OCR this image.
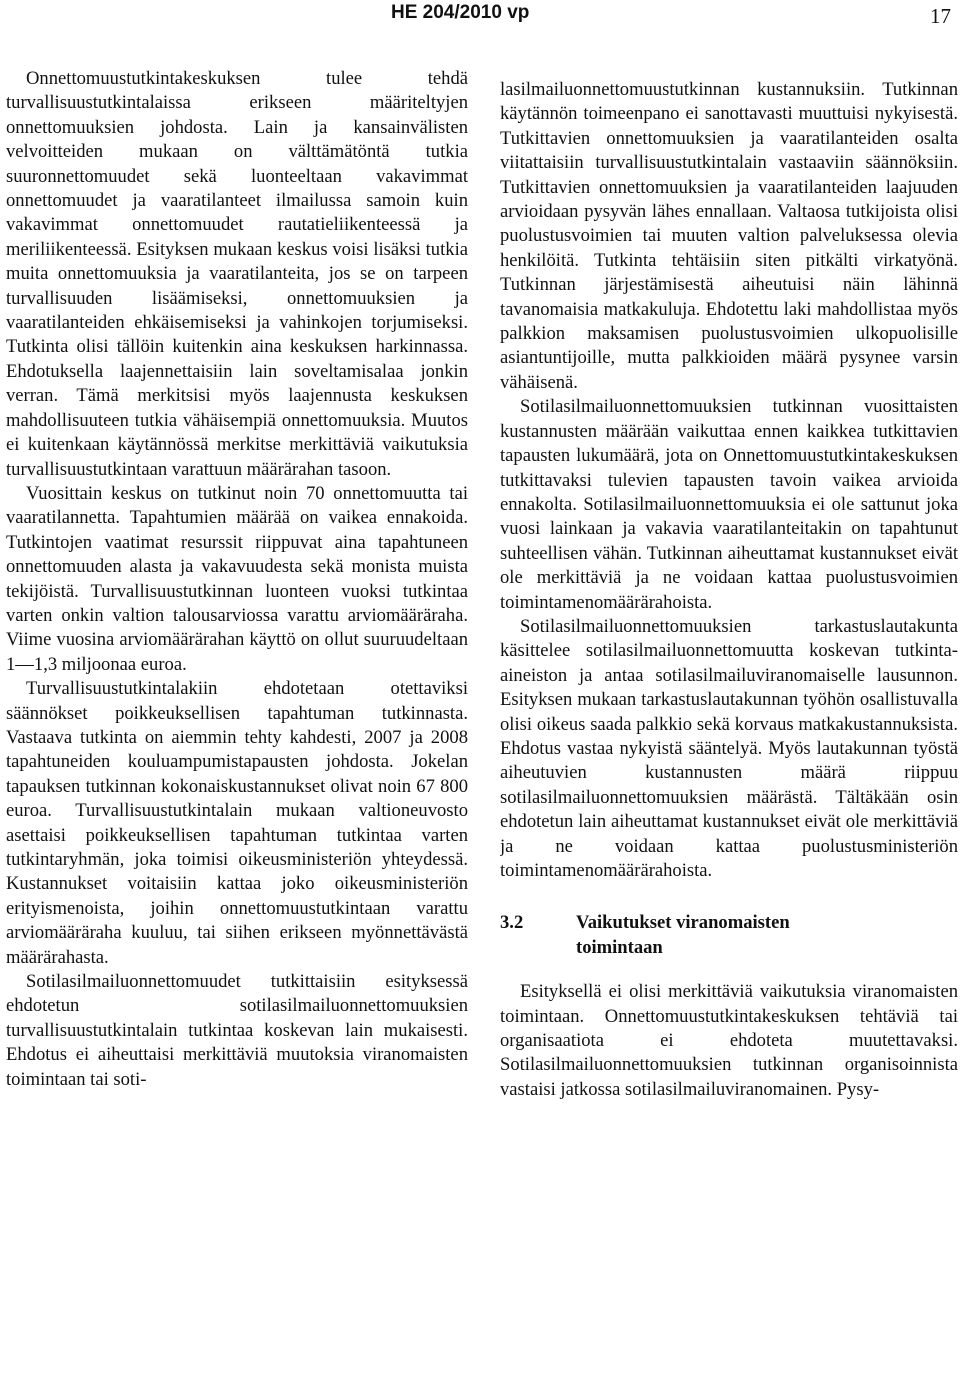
HE 204/2010 vp	17

Onnettomuustutkintakeskuksen tulee tehdä turvallisuustutkintalaissa erikseen määriteltyjen onnettomuuksien johdosta. Lain ja kansainvälisten velvoitteiden mukaan on välttämätöntä tutkia suuronnettomuudet sekä luonteeltaan vakavimmat onnettomuudet ja vaaratilanteet ilmailussa samoin kuin vakavimmat onnettomuudet rautatieliikenteessä ja meriliikenteessä. Esityksen mukaan keskus voisi lisäksi tutkia muita onnettomuuksia ja vaaratilanteita, jos se on tarpeen turvallisuuden lisäämiseksi, onnettomuuksien ja vaaratilanteiden ehkäisemiseksi ja vahinkojen torjumiseksi. Tutkinta olisi tällöin kuitenkin aina keskuksen harkinnassa. Ehdotuksella laajennettaisiin lain soveltamisalaa jonkin verran. Tämä merkitsisi myös laajennusta keskuksen mahdollisuuteen tutkia vähäisempiä onnettomuuksia. Muutos ei kuitenkaan käytännössä merkitse merkittäviä vaikutuksia turvallisuustutkintaan varattuun määrärahan tasoon.

Vuosittain keskus on tutkinut noin 70 onnettomuutta tai vaaratilannetta. Tapahtumien määrää on vaikea ennakoida. Tutkintojen vaatimat resurssit riippuvat aina tapahtuneen onnettomuuden alasta ja vakavuudesta sekä monista muista tekijöistä. Turvallisuustutkinnan luonteen vuoksi tutkintaa varten onkin valtion talousarviossa varattu arviomääräraha. Viime vuosina arviomäärärahan käyttö on ollut suuruudeltaan 1—1,3 miljoonaa euroa.

Turvallisuustutkintalakiin ehdotetaan otettaviksi säännökset poikkeuksellisen tapahtuman tutkinnasta. Vastaava tutkinta on aiemmin tehty kahdesti, 2007 ja 2008 tapahtuneiden kouluampumistapausten johdosta. Jokelan tapauksen tutkinnan kokonaiskustannukset olivat noin 67 800 euroa. Turvallisuustutkintalain mukaan valtioneuvosto asettaisi poikkeuksellisen tapahtuman tutkintaa varten tutkintaryhmän, joka toimisi oikeusministeriön yhteydessä. Kustannukset voitaisiin kattaa joko oikeusministeriön erityismenoista, joihin onnettomuustutkintaan varattu arviomääräraha kuuluu, tai siihen erikseen myönnettävästä määrärahasta.

Sotilasilmailuonnettomuudet tutkittaisiin esityksessä ehdotetun sotilasilmailuonnettomuuksien turvallisuustutkintalain tutkintaa koskevan lain mukaisesti. Ehdotus ei aiheuttaisi merkittäviä muutoksia viranomaisten toimintaan tai soti-

lasilmailuonnettomuustutkinnan kustannuksiin. Tutkinnan käytännön toimeenpano ei sanottavasti muuttuisi nykyisestä. Tutkittavien onnettomuuksien ja vaaratilanteiden osalta viitattaisiin turvallisuustutkintalain vastaaviin säännöksiin. Tutkittavien onnettomuuksien ja vaaratilanteiden laajuuden arvioidaan pysyvän lähes ennallaan. Valtaosa tutkijoista olisi puolustusvoimien tai muuten valtion palveluksessa olevia henkilöitä. Tutkinta tehtäisiin siten pitkälti virkatyönä. Tutkinnan järjestämisestä aiheutuisi näin lähinnä tavanomaisia matkakuluja. Ehdotettu laki mahdollistaa myös palkkion maksamisen puolustusvoimien ulkopuolisille asiantuntijoille, mutta palkkioiden määrä pysynee varsin vähäisenä.

Sotilasilmailuonnettomuuksien tutkinnan vuosittaisten kustannusten määrään vaikuttaa ennen kaikkea tutkittavien tapausten lukumäärä, jota on Onnettomuustutkintakeskuksen tutkittavaksi tulevien tapausten tavoin vaikea arvioida ennakolta. Sotilasilmailuonnettomuuksia ei ole sattunut joka vuosi lainkaan ja vakavia vaaratilanteitakin on tapahtunut suhteellisen vähän. Tutkinnan aiheuttamat kustannukset eivät ole merkittäviä ja ne voidaan kattaa puolustusvoimien toimintamenomäärärahoista.

Sotilasilmailuonnettomuuksien tarkastuslautakunta käsittelee sotilasilmailuonnettomuutta koskevan tutkinta-aineiston ja antaa sotilasilmailuviranomaiselle lausunnon. Esityksen mukaan tarkastuslautakunnan työhön osallistuvalla olisi oikeus saada palkkio sekä korvaus matkakustannuksista. Ehdotus vastaa nykyistä sääntelyä. Myös lautakunnan työstä aiheutuvien kustannusten määrä riippuu sotilasilmailuonnettomuuksien määrästä. Tältäkään osin ehdotetun lain aiheuttamat kustannukset eivät ole merkittäviä ja ne voidaan kattaa puolustusministeriön toimintamenomäärärahoista.

3.2	Vaikutukset viranomaisten toimintaan

Esityksellä ei olisi merkittäviä vaikutuksia viranomaisten toimintaan. Onnettomuustutkintakeskuksen tehtäviä tai organisaatiota ei ehdoteta muutettavaksi. Sotilasilmailuonnettomuuksien tutkinnan organisoinnista vastaisi jatkossa sotilasilmailuviranomainen. Pysy-
